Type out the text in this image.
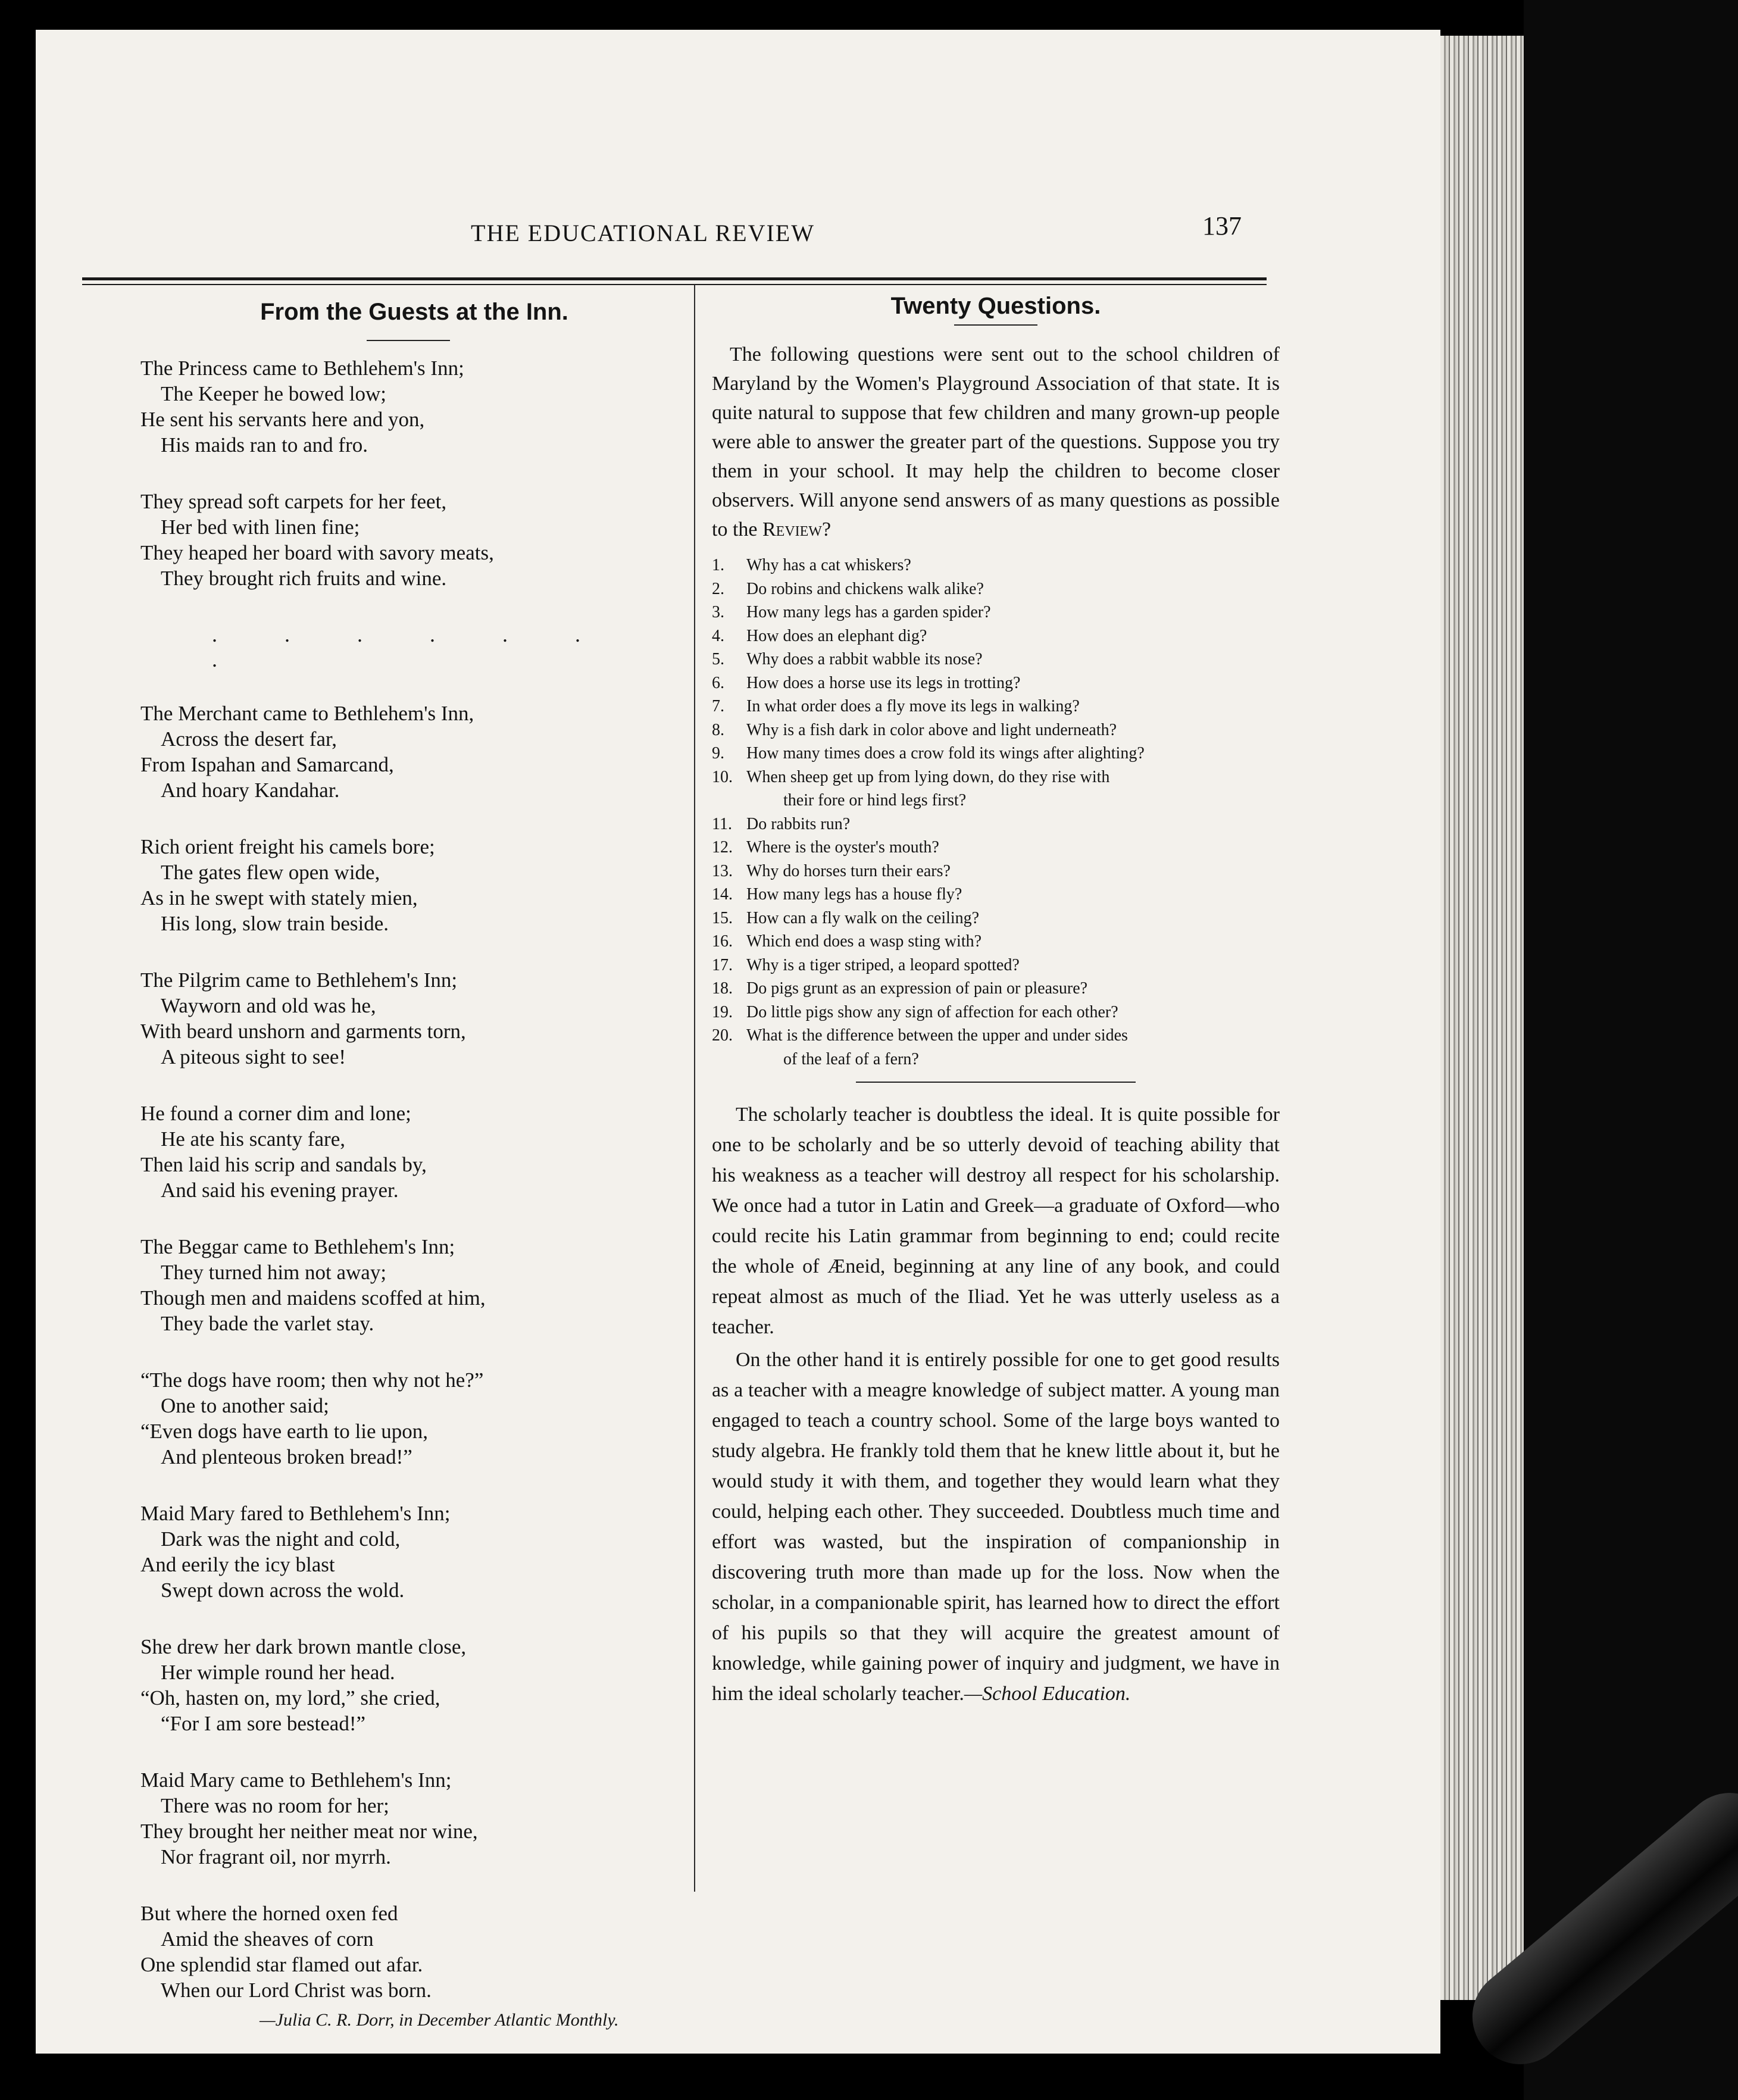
THE EDUCATIONAL REVIEW	137
From the Guests at the Inn.
The Princess came to Bethlehem's Inn;
The Keeper he bowed low;
He sent his servants here and yon,
His maids ran to and fro.
They spread soft carpets for her feet,
Her bed with linen fine;
They heaped her board with savory meats,
They brought rich fruits and wine.
. . . . . . .
The Merchant came to Bethlehem's Inn,
Across the desert far,
From Ispahan and Samarcand,
And hoary Kandahar.
Rich orient freight his camels bore;
The gates flew open wide,
As in he swept with stately mien,
His long, slow train beside.
The Pilgrim came to Bethlehem's Inn;
Wayworn and old was he,
With beard unshorn and garments torn,
A piteous sight to see!
He found a corner dim and lone;
He ate his scanty fare,
Then laid his scrip and sandals by,
And said his evening prayer.
The Beggar came to Bethlehem's Inn;
They turned him not away;
Though men and maidens scoffed at him,
They bade the varlet stay.
“The dogs have room; then why not he?”
One to another said;
“Even dogs have earth to lie upon,
And plenteous broken bread!”
Maid Mary fared to Bethlehem's Inn;
Dark was the night and cold,
And eerily the icy blast
Swept down across the wold.
She drew her dark brown mantle close,
Her wimple round her head.
“Oh, hasten on, my lord,” she cried,
“For I am sore bestead!”
Maid Mary came to Bethlehem's Inn;
There was no room for her;
They brought her neither meat nor wine,
Nor fragrant oil, nor myrrh.
But where the horned oxen fed
Amid the sheaves of corn
One splendid star flamed out afar.
When our Lord Christ was born.
—Julia C. R. Dorr, in December Atlantic Monthly.
Twenty Questions.

The following questions were sent out to the school children of Maryland by the Women's Playground Association of that state. It is quite natural to suppose that few children and many grown-up people were able to answer the greater part of the questions. Suppose you try them in your school. It may help the children to become closer observers. Will anyone send answers of as many questions as possible to the Review?

1.	Why has a cat whiskers?
2.	Do robins and chickens walk alike?
3.	How many legs has a garden spider?
4.	How does an elephant dig?
5.	Why does a rabbit wabble its nose?
6.	How does a horse use its legs in trotting?
7.	In what order does a fly move its legs in walking?
8.	Why is a fish dark in color above and light underneath?
9.	How many times does a crow fold its wings after alighting?
10. When sheep get up from lying down, do they rise with
their fore or hind legs first?
11. Do rabbits run?
12. Where is the oyster's mouth?
13. Why do horses turn their ears?
14. How many legs has a house fly?
15. How can a fly walk on the ceiling?
16. Which end does a wasp sting with?
17. Why is a tiger striped, a leopard spotted?
18. Do pigs grunt as an expression of pain or pleasure?
19. Do little pigs show any sign of affection for each other?
20. What is the difference between the upper and under sides
of the leaf of a fern?

The scholarly teacher is doubtless the ideal. It is quite possible for one to be scholarly and be so utterly devoid of teaching ability that his weakness as a teacher will destroy all respect for his scholarship. We once had a tutor in Latin and Greek—a graduate of Oxford—who could recite his Latin grammar from beginning to end; could recite the whole of Æneid, beginning at any line of any book, and could repeat almost as much of the Iliad. Yet he was utterly useless as a teacher.

On the other hand it is entirely possible for one to get good results as a teacher with a meagre knowledge of subject matter. A young man engaged to teach a country school. Some of the large boys wanted to study algebra. He frankly told them that he knew little about it, but he would study it with them, and together they would learn what they could, helping each other. They succeeded. Doubtless much time and effort was wasted, but the inspiration of companionship in discovering truth more than made up for the loss. Now when the scholar, in a companionable spirit, has learned how to direct the effort of his pupils so that they will acquire the greatest amount of knowledge, while gaining power of inquiry and judgment, we have in him the ideal scholarly teacher.—School Education.
